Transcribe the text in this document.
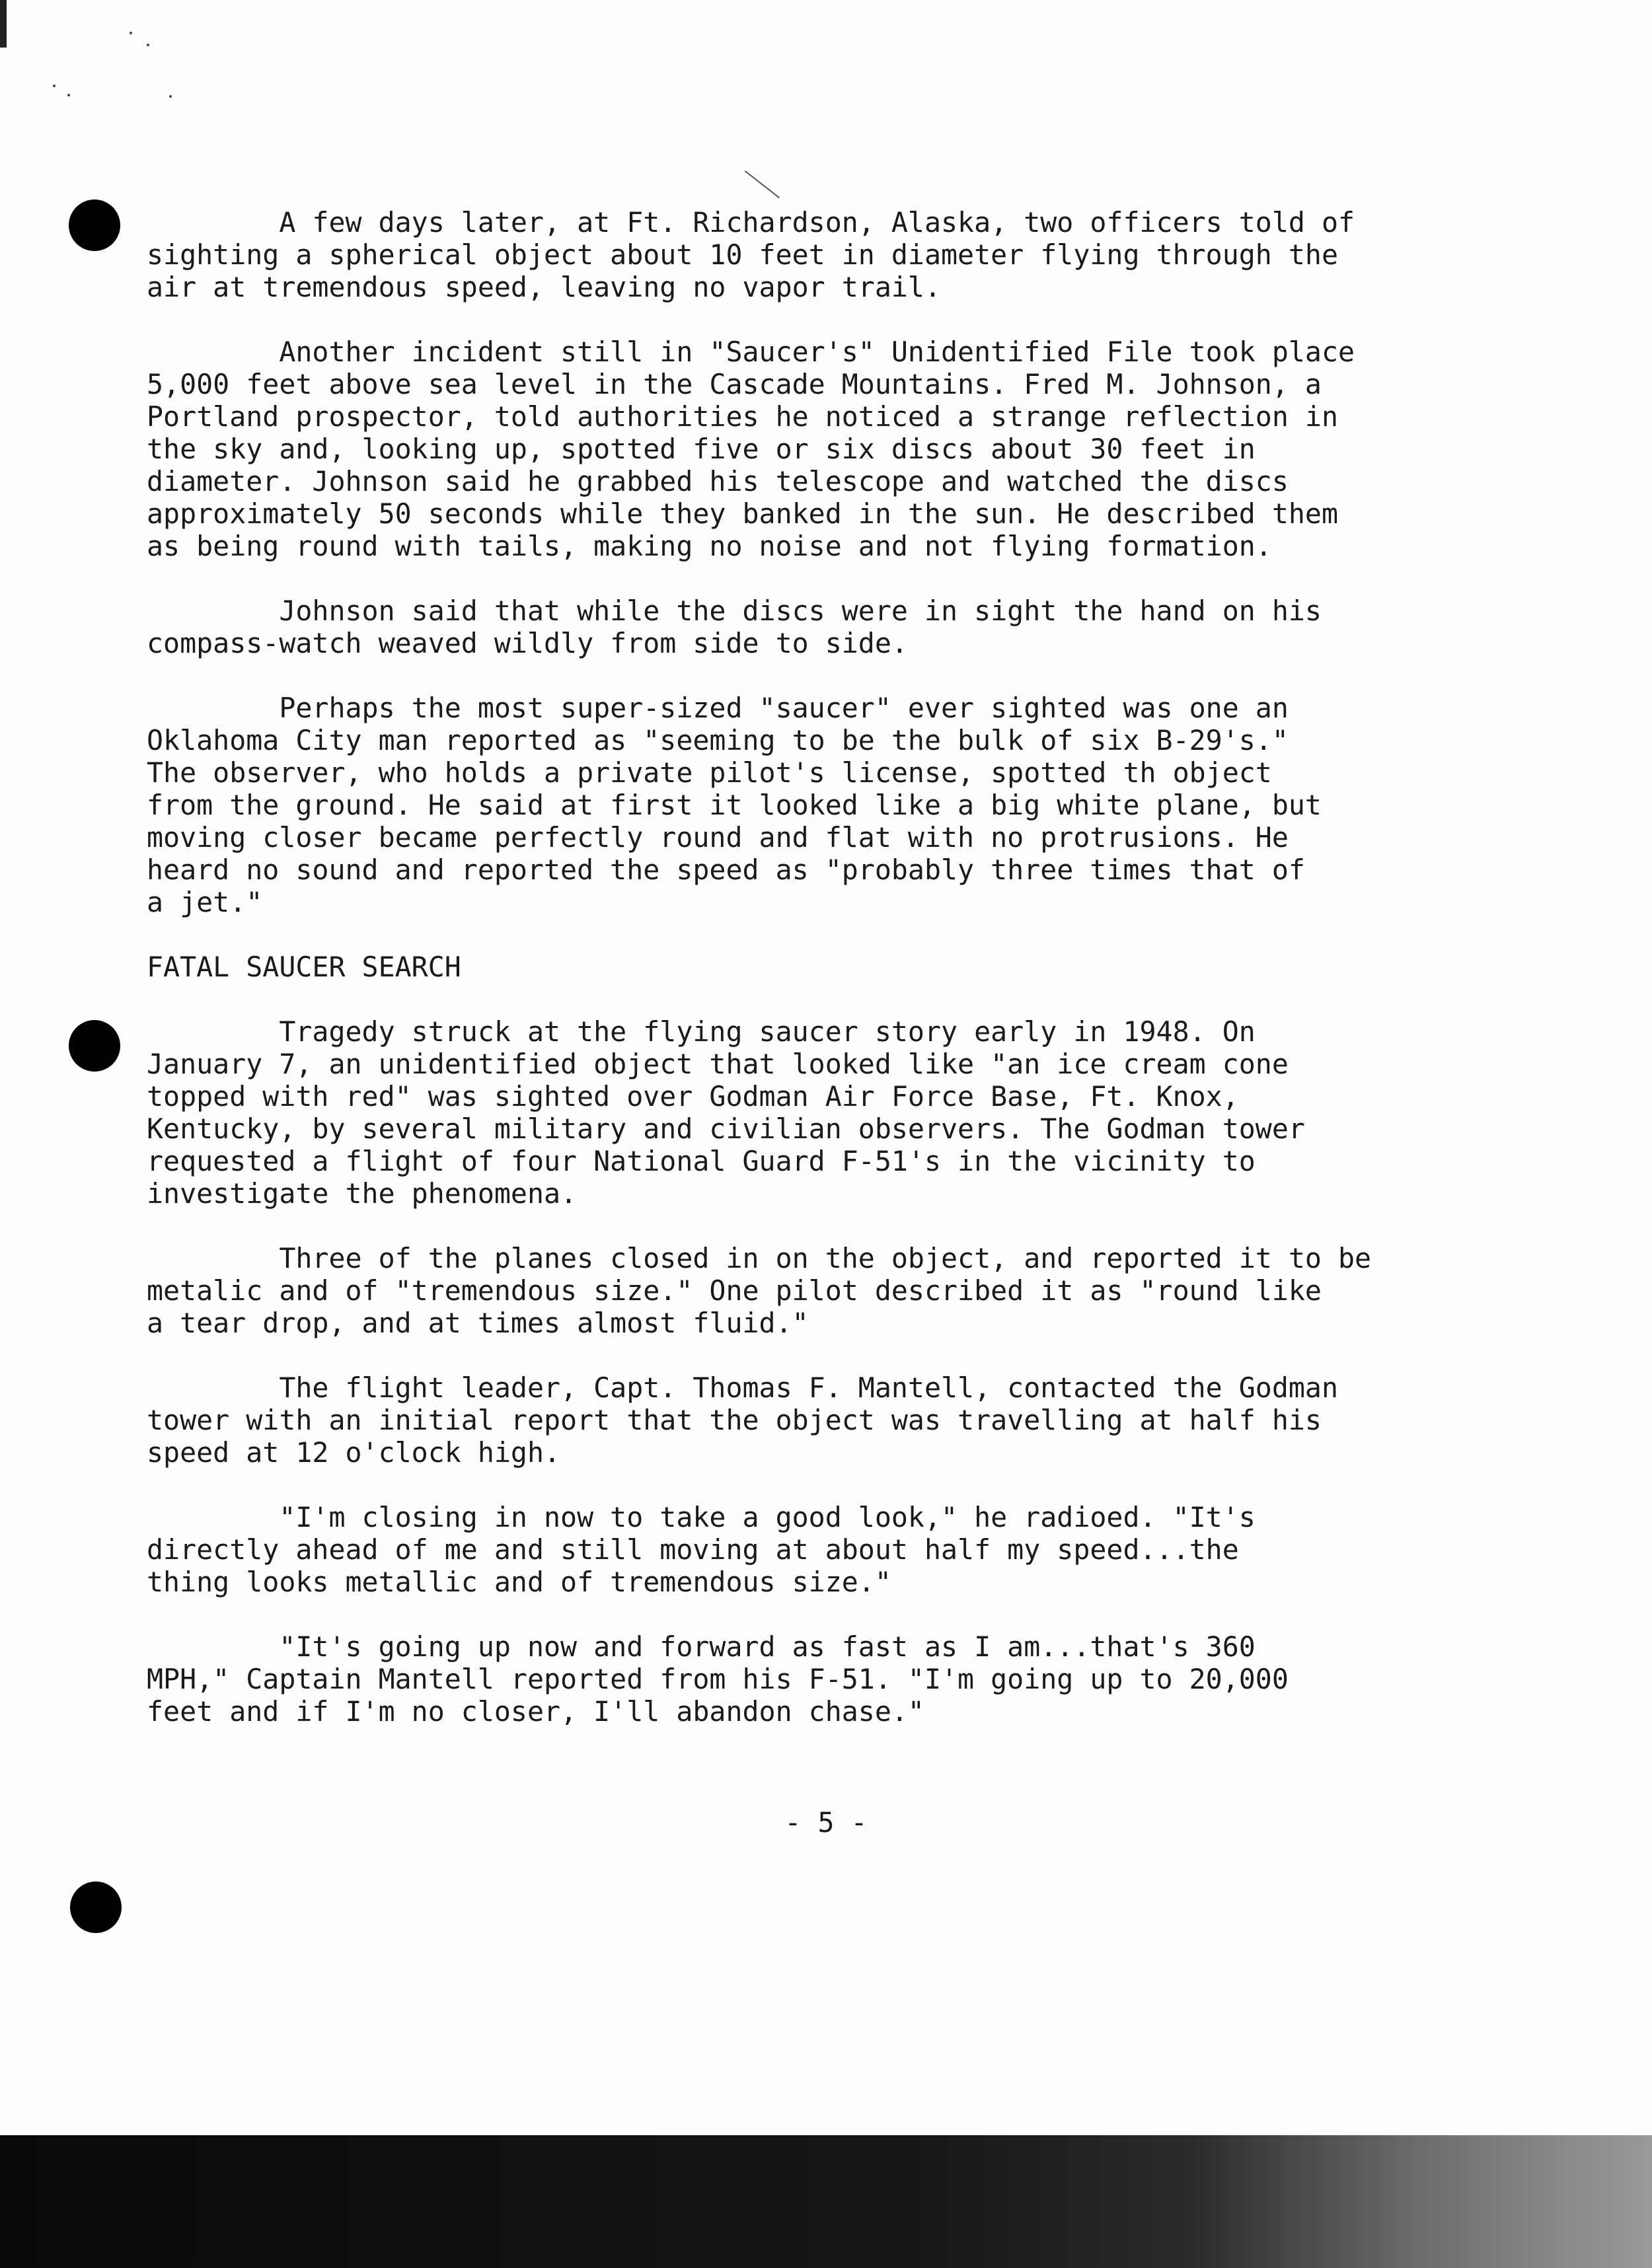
A few days later, at Ft. Richardson, Alaska, two officers told of
sighting a spherical object about 10 feet in diameter flying through the
air at tremendous speed, leaving no vapor trail.

Another incident still in "Saucer's" Unidentified File took place
5,000 feet above sea level in the Cascade Mountains. Fred M. Johnson, a
Portland prospector, told authorities he noticed a strange reflection in
the sky and, looking up, spotted five or six discs about 30 feet in
diameter. Johnson said he grabbed his telescope and watched the discs
approximately 50 seconds while they banked in the sun. He described them
as being round with tails, making no noise and not flying formation.

Johnson said that while the discs were in sight the hand on his
compass-watch weaved wildly from side to side.

Perhaps the most super-sized "saucer" ever sighted was one an
Oklahoma City man reported as "seeming to be the bulk of six B-29's."
The observer, who holds a private pilot's license, spotted th object
from the ground. He said at first it looked like a big white plane, but
moving closer became perfectly round and flat with no protrusions. He
heard no sound and reported the speed as "probably three times that of
a jet."

FATAL SAUCER SEARCH

Tragedy struck at the flying saucer story early in 1948. On
January 7, an unidentified object that looked like "an ice cream cone
topped with red" was sighted over Godman Air Force Base, Ft. Knox,
Kentucky, by several military and civilian observers. The Godman tower
requested a flight of four National Guard F-51's in the vicinity to
investigate the phenomena.

Three of the planes closed in on the object, and reported it to be
metalic and of "tremendous size." One pilot described it as "round like
a tear drop, and at times almost fluid."

The flight leader, Capt. Thomas F. Mantell, contacted the Godman
tower with an initial report that the object was travelling at half his
speed at 12 o'clock high.

"I'm closing in now to take a good look," he radioed. "It's
directly ahead of me and still moving at about half my speed...the
thing looks metallic and of tremendous size."

"It's going up now and forward as fast as I am...that's 360
MPH," Captain Mantell reported from his F-51. "I'm going up to 20,000
feet and if I'm no closer, I'll abandon chase."

- 5 -
